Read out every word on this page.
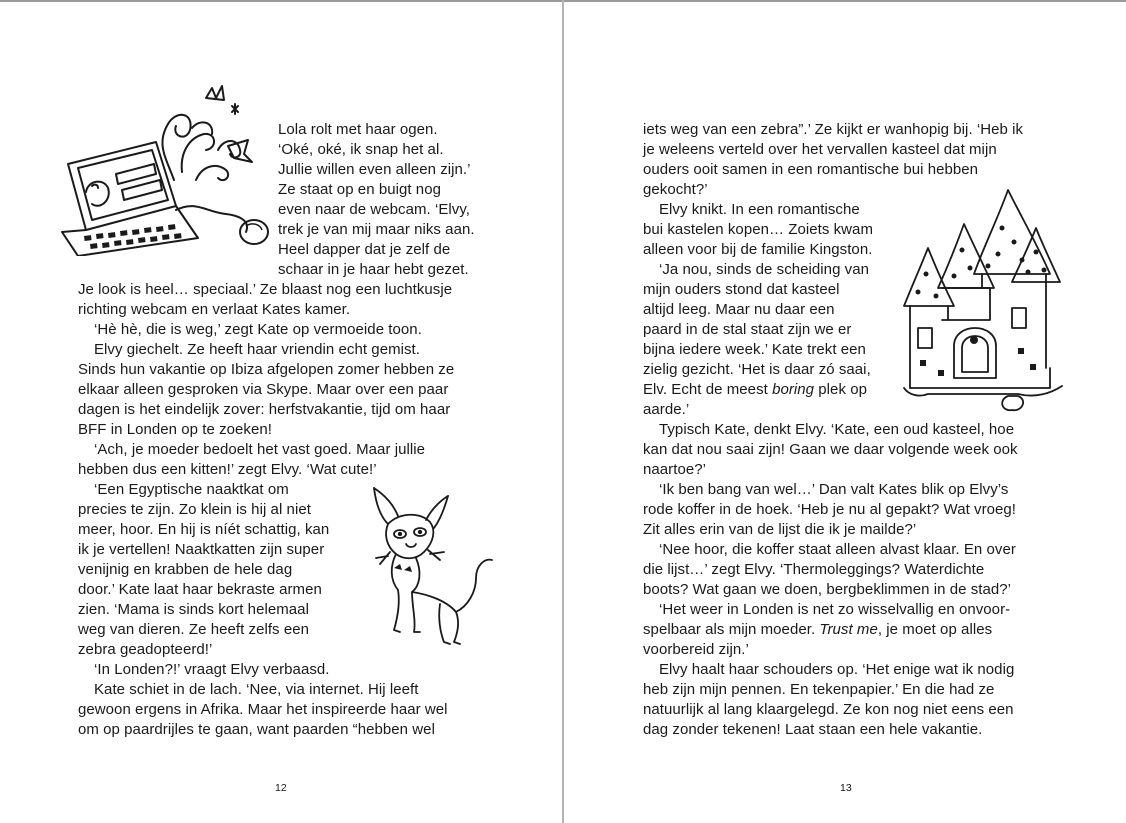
Lola rolt met haar ogen.
‘Oké, oké, ik snap het al.
Jullie willen even alleen zijn.’
Ze staat op en buigt nog
even naar de webcam. ‘Elvy,
trek je van mij maar niks aan.
Heel dapper dat je zelf de
schaar in je haar hebt gezet.
Je look is heel… speciaal.’ Ze blaast nog een luchtkusje
richting webcam en verlaat Kates kamer.
‘Hè hè, die is weg,’ zegt Kate op vermoeide toon.
Elvy giechelt. Ze heeft haar vriendin echt gemist.
Sinds hun vakantie op Ibiza afgelopen zomer hebben ze
elkaar alleen gesproken via Skype. Maar over een paar
dagen is het eindelijk zover: herfstvakantie, tijd om haar
BFF in Londen op te zoeken!
‘Ach, je moeder bedoelt het vast goed. Maar jullie
hebben dus een kitten!’ zegt Elvy. ‘Wat cute!’
‘Een Egyptische naaktkat om
precies te zijn. Zo klein is hij al niet
meer, hoor. En hij is níét schattig, kan
ik je vertellen! Naaktkatten zijn super
venijnig en krabben de hele dag
door.’ Kate laat haar bekraste armen
zien. ‘Mama is sinds kort helemaal
weg van dieren. Ze heeft zelfs een
zebra geadopteerd!’
‘In Londen?!’ vraagt Elvy verbaasd.
Kate schiet in de lach. ‘Nee, via internet. Hij leeft
gewoon ergens in Afrika. Maar het inspireerde haar wel
om op paardrijles te gaan, want paarden “hebben wel
12
iets weg van een zebra”.’ Ze kijkt er wanhopig bij. ‘Heb ik
je weleens verteld over het vervallen kasteel dat mijn
ouders ooit samen in een romantische bui hebben
gekocht?’
Elvy knikt. In een romantische
bui kastelen kopen… Zoiets kwam
alleen voor bij de familie Kingston.
‘Ja nou, sinds de scheiding van
mijn ouders stond dat kasteel
altijd leeg. Maar nu daar een
paard in de stal staat zijn we er
bijna iedere week.’ Kate trekt een
zielig gezicht. ‘Het is daar zó saai,
Elv. Echt de meest boring plek op
aarde.’
Typisch Kate, denkt Elvy. ‘Kate, een oud kasteel, hoe
kan dat nou saai zijn! Gaan we daar volgende week ook
naartoe?’
‘Ik ben bang van wel…’ Dan valt Kates blik op Elvy’s
rode koffer in de hoek. ‘Heb je nu al gepakt? Wat vroeg!
Zit alles erin van de lijst die ik je mailde?’
‘Nee hoor, die koffer staat alleen alvast klaar. En over
die lijst…’ zegt Elvy. ‘Thermoleggings? Waterdichte
boots? Wat gaan we doen, bergbeklimmen in de stad?’
‘Het weer in Londen is net zo wisselvallig en onvoor-
spelbaar als mijn moeder. Trust me, je moet op alles
voorbereid zijn.’
Elvy haalt haar schouders op. ‘Het enige wat ik nodig
heb zijn mijn pennen. En tekenpapier.’ En die had ze
natuurlijk al lang klaargelegd. Ze kon nog niet eens een
dag zonder tekenen! Laat staan een hele vakantie.
13
